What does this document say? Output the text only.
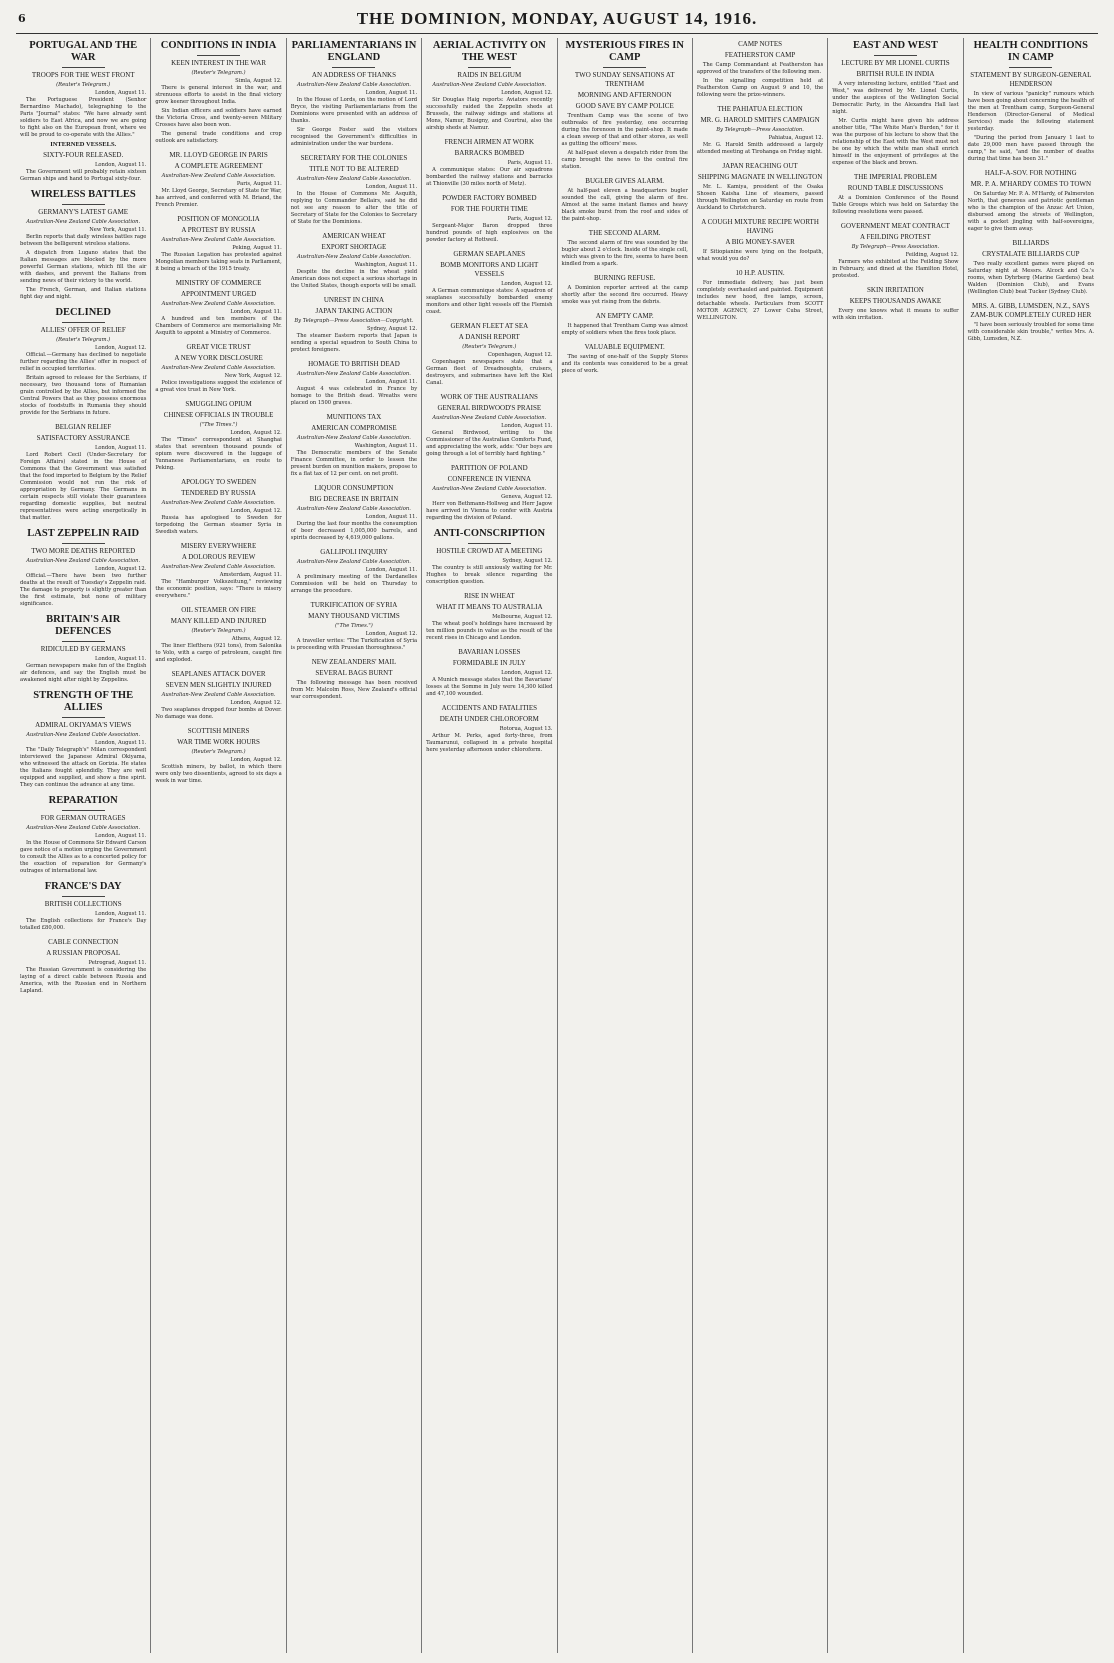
6	THE DOMINION, MONDAY, AUGUST 14, 1916.
PORTUGAL AND THE WAR
TROOPS FOR THE WEST FRONT
(Reuter's Telegram.)
London, August 11.

The Portuguese President (Senhor Bernardino Machado), telegraphing to the Paris "Journal" states: "We have already sent soldiers to East Africa, and now we are going to fight also on the European front, where we will be proud to co-operate with the Allies."

INTERNED VESSELS.
SIXTY-FOUR RELEASED.
London, August 11.

The Government will probably retain sixteen German ships and hand to Portugal sixty-four.

WIRELESS BATTLES
GERMANY'S LATEST GAME
Australian-New Zealand Cable Association.
New York, August 11.

Berlin reports that daily wireless battles rage between the belligerent wireless stations.

A dispatch from Lugano states that the Italian messages are blocked by the more powerful German stations, which fill the air with dashes, and prevent the Italians from sending news of their victory to the world.

The French, German, and Italian stations fight day and night.

DECLINED
ALLIES' OFFER OF RELIEF
(Reuter's Telegram.)
London, August 12.

Official.—Germany has declined to negotiate further regarding the Allies' offer in respect of relief in occupied territories.

Britain agreed to release for the Serbians, if necessary, two thousand tons of Rumanian grain controlled by the Allies, but informed the Central Powers that as they possess enormous stocks of foodstuffs in Rumania they should provide for the Serbians in future.

BELGIAN RELIEF
SATISFACTORY ASSURANCE
London, August 11.

Lord Robert Cecil (Under-Secretary for Foreign Affairs) stated in the House of Commons that the Government was satisfied that the food imported to Belgium by the Relief Commission would not run the risk of appropriation by Germany. The Germans in certain respects still violate their guarantees regarding domestic supplies, but neutral representatives were acting energetically in that matter.

LAST ZEPPELIN RAID
TWO MORE DEATHS REPORTED
Australian-New Zealand Cable Association.
London, August 12.

Official.—There have been two further deaths at the result of Tuesday's Zeppelin raid. The damage to property is slightly greater than the first estimate, but none of military significance.

BRITAIN'S AIR DEFENCES
RIDICULED BY GERMANS
London, August 11.

German newspapers make fun of the English air defences, and say the English must be awakened night after night by Zeppelins.

STRENGTH OF THE ALLIES
ADMIRAL OKIYAMA'S VIEWS
Australian-New Zealand Cable Association.
London, August 11.

The "Daily Telegraph's" Milan correspondent interviewed the Japanese Admiral Okiyama, who witnessed the attack on Gorizia. He states the Italians fought splendidly. They are well equipped and supplied, and show a fine spirit. They can continue the advance at any time.

REPARATION
FOR GERMAN OUTRAGES
Australian-New Zealand Cable Association.
London, August 11.

In the House of Commons Sir Edward Carson gave notice of a motion urging the Government to consult the Allies as to a concerted policy for the exaction of reparation for Germany's outrages of international law.

FRANCE'S DAY
BRITISH COLLECTIONS
London, August 11.

The English collections for France's Day totalled £80,000.

CABLE CONNECTION
A RUSSIAN PROPOSAL
Petrograd, August 11.

The Russian Government is considering the laying of a direct cable between Russia and America, with the Russian end in Northern Lapland.

CONDITIONS IN INDIA
KEEN INTEREST IN THE WAR
(Reuter's Telegram.)
Simla, August 12.

There is general interest in the war, and strenuous efforts to assist in the final victory grow keener throughout India.

Six Indian officers and soldiers have earned the Victoria Cross, and twenty-seven Military Crosses have also been won.

The general trade conditions and crop outlook are satisfactory.

MR. LLOYD GEORGE IN PARIS
A COMPLETE AGREEMENT
Australian-New Zealand Cable Association.
Paris, August 11.

Mr. Lloyd George, Secretary of State for War, has arrived, and conferred with M. Briand, the French Premier.

POSITION OF MONGOLIA
A PROTEST BY RUSSIA
Australian-New Zealand Cable Association.
Peking, August 11.

The Russian Legation has protested against Mongolian members taking seats in Parliament, it being a breach of the 1915 treaty.

MINISTRY OF COMMERCE
APPOINTMENT URGED
Australian-New Zealand Cable Association.
London, August 11.

A hundred and ten members of the Chambers of Commerce are memorialising Mr. Asquith to appoint a Ministry of Commerce.

GREAT VICE TRUST
A NEW YORK DISCLOSURE
Australian-New Zealand Cable Association.
New York, August 12.

Police investigations suggest the existence of a great vice trust in New York.

SMUGGLING OPIUM
CHINESE OFFICIALS IN TROUBLE
("The Times.")
London, August 12.

The "Times" correspondent at Shanghai states that seventeen thousand pounds of opium were discovered in the luggage of Yunnanese Parliamentarians, en route to Peking.

APOLOGY TO SWEDEN
TENDERED BY RUSSIA
Australian-New Zealand Cable Association.
London, August 12.

Russia has apologised to Sweden for torpedoing the German steamer Syria in Swedish waters.

MISERY EVERYWHERE
A DOLOROUS REVIEW
Australian-New Zealand Cable Association.
Amsterdam, August 11.

The "Hamburger Volkszeitung," reviewing the economic position, says: "There is misery everywhere."

OIL STEAMER ON FIRE
MANY KILLED AND INJURED
(Reuter's Telegram.)
Athens, August 12.

The liner Elefthera (921 tons), from Salonika to Volo, with a cargo of petroleum, caught fire and exploded.

SEAPLANES ATTACK DOVER
SEVEN MEN SLIGHTLY INJURED
Australian-New Zealand Cable Association.
London, August 12.

Two seaplanes dropped four bombs at Dover. No damage was done.

SCOTTISH MINERS
WAR TIME WORK HOURS
(Reuter's Telegram.)
London, August 12.

Scottish miners, by ballot, in which there were only two dissentients, agreed to six days a week in war time.

PARLIAMENTARIANS IN ENGLAND
AN ADDRESS OF THANKS
Australian-New Zealand Cable Association.
London, August 11.

In the House of Lords, on the motion of Lord Bryce, the visiting Parliamentarians from the Dominions were presented with an address of thanks.

Sir George Foster said the visitors recognised the Government's difficulties in administration under the war burdens.

SECRETARY FOR THE COLONIES
TITLE NOT TO BE ALTERED
Australian-New Zealand Cable Association.
London, August 11.

In the House of Commons Mr. Asquith, replying to Commander Bellairs, said he did not see any reason to alter the title of Secretary of State for the Colonies to Secretary of State for the Dominions.

AMERICAN WHEAT
EXPORT SHORTAGE
Australian-New Zealand Cable Association.
Washington, August 11.

Despite the decline in the wheat yield American does not expect a serious shortage in the United States, though exports will be small.

UNREST IN CHINA
JAPAN TAKING ACTION
By Telegraph—Press Association—Copyright.
Sydney, August 12.

The steamer Eastern reports that Japan is sending a special squadron to South China to protect foreigners.

HOMAGE TO BRITISH DEAD
Australian-New Zealand Cable Association.
London, August 11.

August 4 was celebrated in France by homage to the British dead. Wreaths were placed on 1500 graves.

MUNITIONS TAX
AMERICAN COMPROMISE
Australian-New Zealand Cable Association.
Washington, August 11.

The Democratic members of the Senate Finance Committee, in order to lessen the present burden on munition makers, propose to fix a flat tax of 12 per cent. on net profit.

LIQUOR CONSUMPTION
BIG DECREASE IN BRITAIN
Australian-New Zealand Cable Association.
London, August 11.

During the last four months the consumption of beer decreased 1,005,000 barrels, and spirits decreased by 4,619,000 gallons.

GALLIPOLI INQUIRY
Australian-New Zealand Cable Association.
London, August 11.

A preliminary meeting of the Dardanelles Commission will be held on Thursday to arrange the procedure.

TURKIFICATION OF SYRIA
MANY THOUSAND VICTIMS
("The Times.")
London, August 12.

A traveller writes: "The Turkification of Syria is proceeding with Prussian thoroughness."

NEW ZEALANDERS' MAIL
SEVERAL BAGS BURNT

The following message has been received from Mr. Malcolm Ross, New Zealand's official war correspondent.

AERIAL ACTIVITY ON THE WEST
RAIDS IN BELGIUM
Australian-New Zealand Cable Association.
London, August 12.

Sir Douglas Haig reports: Aviators recently successfully raided the Zeppelin sheds at Brussels, the railway sidings and stations at Mons, Namur, Busigny, and Courtrai, also the airship sheds at Namur.

FRENCH AIRMEN AT WORK
BARRACKS BOMBED
Paris, August 11.

A communique states: Our air squadrons bombarded the railway stations and barracks at Thionville (30 miles north of Metz).

POWDER FACTORY BOMBED
FOR THE FOURTH TIME
Paris, August 12.

Sergeant-Major Baron dropped three hundred pounds of high explosives on the powder factory at Rottweil.

GERMAN SEAPLANES
BOMB MONITORS AND LIGHT VESSELS
London, August 12.

A German communique states: A squadron of seaplanes successfully bombarded enemy monitors and other light vessels off the Flemish coast.

GERMAN FLEET AT SEA
A DANISH REPORT
(Reuter's Telegram.)
Copenhagen, August 12.

Copenhagen newspapers state that a German fleet of Dreadnoughts, cruisers, destroyers, and submarines have left the Kiel Canal.

WORK OF THE AUSTRALIANS
GENERAL BIRDWOOD'S PRAISE
Australian-New Zealand Cable Association.
London, August 11.

General Birdwood, writing to the Commissioner of the Australian Comforts Fund, and appreciating the work, adds: "Our boys are going through a lot of terribly hard fighting."

PARTITION OF POLAND
CONFERENCE IN VIENNA
Australian-New Zealand Cable Association.
Geneva, August 12.

Herr von Bethmann-Hollweg and Herr Jagow have arrived in Vienna to confer with Austria regarding the division of Poland.

ANTI-CONSCRIPTION
HOSTILE CROWD AT A MEETING
Sydney, August 12.

The country is still anxiously waiting for Mr. Hughes to break silence regarding the conscription question.

RISE IN WHEAT
WHAT IT MEANS TO AUSTRALIA
Melbourne, August 12.

The wheat pool's holdings have increased by ten million pounds in value as the result of the recent rises in Chicago and London.

BAVARIAN LOSSES
FORMIDABLE IN JULY
London, August 12.

A Munich message states that the Bavarians' losses at the Somme in July were 14,300 killed and 47,100 wounded.

ACCIDENTS AND FATALITIES
DEATH UNDER CHLOROFORM
Rotorua, August 13.

Arthur M. Perks, aged forty-three, from Taumarunui, collapsed in a private hospital here yesterday afternoon under chloroform.

MYSTERIOUS FIRES IN CAMP
TWO SUNDAY SENSATIONS AT TRENTHAM
MORNING AND AFTERNOON
GOOD SAVE BY CAMP POLICE

Trentham Camp was the scene of two outbreaks of fire yesterday, one occurring during the forenoon in the paint-shop. It made a clean sweep of that and other stores, as well as gutting the officers' mess.

At half-past eleven a despatch rider from the camp brought the news to the central fire station.

BUGLER GIVES ALARM.

At half-past eleven a headquarters bugler sounded the call, giving the alarm of fire. Almost at the same instant flames and heavy black smoke burst from the roof and sides of the paint-shop.

THE SECOND ALARM.

The second alarm of fire was sounded by the bugler about 2 o'clock. Inside of the single cell, which was given to the fire, seems to have been kindled from a spark.

BURNING REFUSE.

A Dominion reporter arrived at the camp shortly after the second fire occurred. Heavy smoke was yet rising from the debris.

AN EMPTY CAMP.

It happened that Trentham Camp was almost empty of soldiers when the fires took place.

VALUABLE EQUIPMENT.

The saving of one-half of the Supply Stores and its contents was considered to be a great piece of work.

CAMP NOTES
FEATHERSTON CAMP

The Camp Commandant at Featherston has approved of the transfers of the following men.

In the signalling competition held at Featherston Camp on August 9 and 10, the following were the prize-winners.

THE PAHIATUA ELECTION
MR. G. HAROLD SMITH'S CAMPAIGN
By Telegraph—Press Association.
Pahiatua, August 12.

Mr. G. Harold Smith addressed a largely attended meeting at Tirohanga on Friday night.

JAPAN REACHING OUT
SHIPPING MAGNATE IN WELLINGTON

Mr. L. Kamiya, president of the Osaka Shosen Kaisha Line of steamers, passed through Wellington on Saturday en route from Auckland to Christchurch.

A COUGH MIXTURE RECIPE WORTH HAVING
A BIG MONEY-SAVER

If Sitiopianine were lying on the footpath, what would you do?

10 H.P. AUSTIN.

For immediate delivery, has just been completely overhauled and painted. Equipment includes new hood, five lamps, screen, detachable wheels. Particulars from SCOTT MOTOR AGENCY, 27 Lower Cuba Street, WELLINGTON.

EAST AND WEST
LECTURE BY MR LIONEL CURTIS
BRITISH RULE IN INDIA

A very interesting lecture, entitled "East and West," was delivered by Mr. Lionel Curtis, under the auspices of the Wellington Social Democratic Party, in the Alexandra Hall last night.

Mr. Curtis might have given his address another title, "The White Man's Burden," for it was the purpose of his lecture to show that the relationship of the East with the West must not be one by which the white man shall enrich himself in the enjoyment of privileges at the expense of the black and brown.

THE IMPERIAL PROBLEM
ROUND TABLE DISCUSSIONS

At a Dominion Conference of the Round Table Groups which was held on Saturday the following resolutions were passed.

GOVERNMENT MEAT CONTRACT
A FEILDING PROTEST
By Telegraph—Press Association.
Feilding, August 12.

Farmers who exhibited at the Feilding Show in February, and dined at the Hamilton Hotel, protested.

SKIN IRRITATION
KEEPS THOUSANDS AWAKE

Every one knows what it means to suffer with skin irritation.

HEALTH CONDITIONS IN CAMP
STATEMENT BY SURGEON-GENERAL HENDERSON

In view of various "panicky" rumours which have been going about concerning the health of the men at Trentham camp, Surgeon-General Henderson (Director-General of Medical Services) made the following statement yesterday.

"During the period from January 1 last to date 29,000 men have passed through the camp," he said, "and the number of deaths during that time has been 31."

HALF-A-SOV. FOR NOTHING
MR. P. A. M'HARDY COMES TO TOWN

On Saturday Mr. P. A. M'Hardy, of Palmerston North, that generous and patriotic gentleman who is the champion of the Anzac Art Union, disbursed among the streets of Wellington, with a pocket jingling with half-sovereigns, eager to give them away.

BILLIARDS
CRYSTALATE BILLIARDS CUP

Two really excellent games were played on Saturday night at Messrs. Alcock and Co.'s rooms, when Dyhrberg (Marine Gardens) beat Walden (Dominion Club), and Evans (Wellington Club) beat Tucker (Sydney Club).

MRS. A. GIBB, LUMSDEN, N.Z., SAYS ZAM-BUK COMPLETELY CURED HER

"I have been seriously troubled for some time with considerable skin trouble," writes Mrs. A. Gibb, Lumsden, N.Z.
